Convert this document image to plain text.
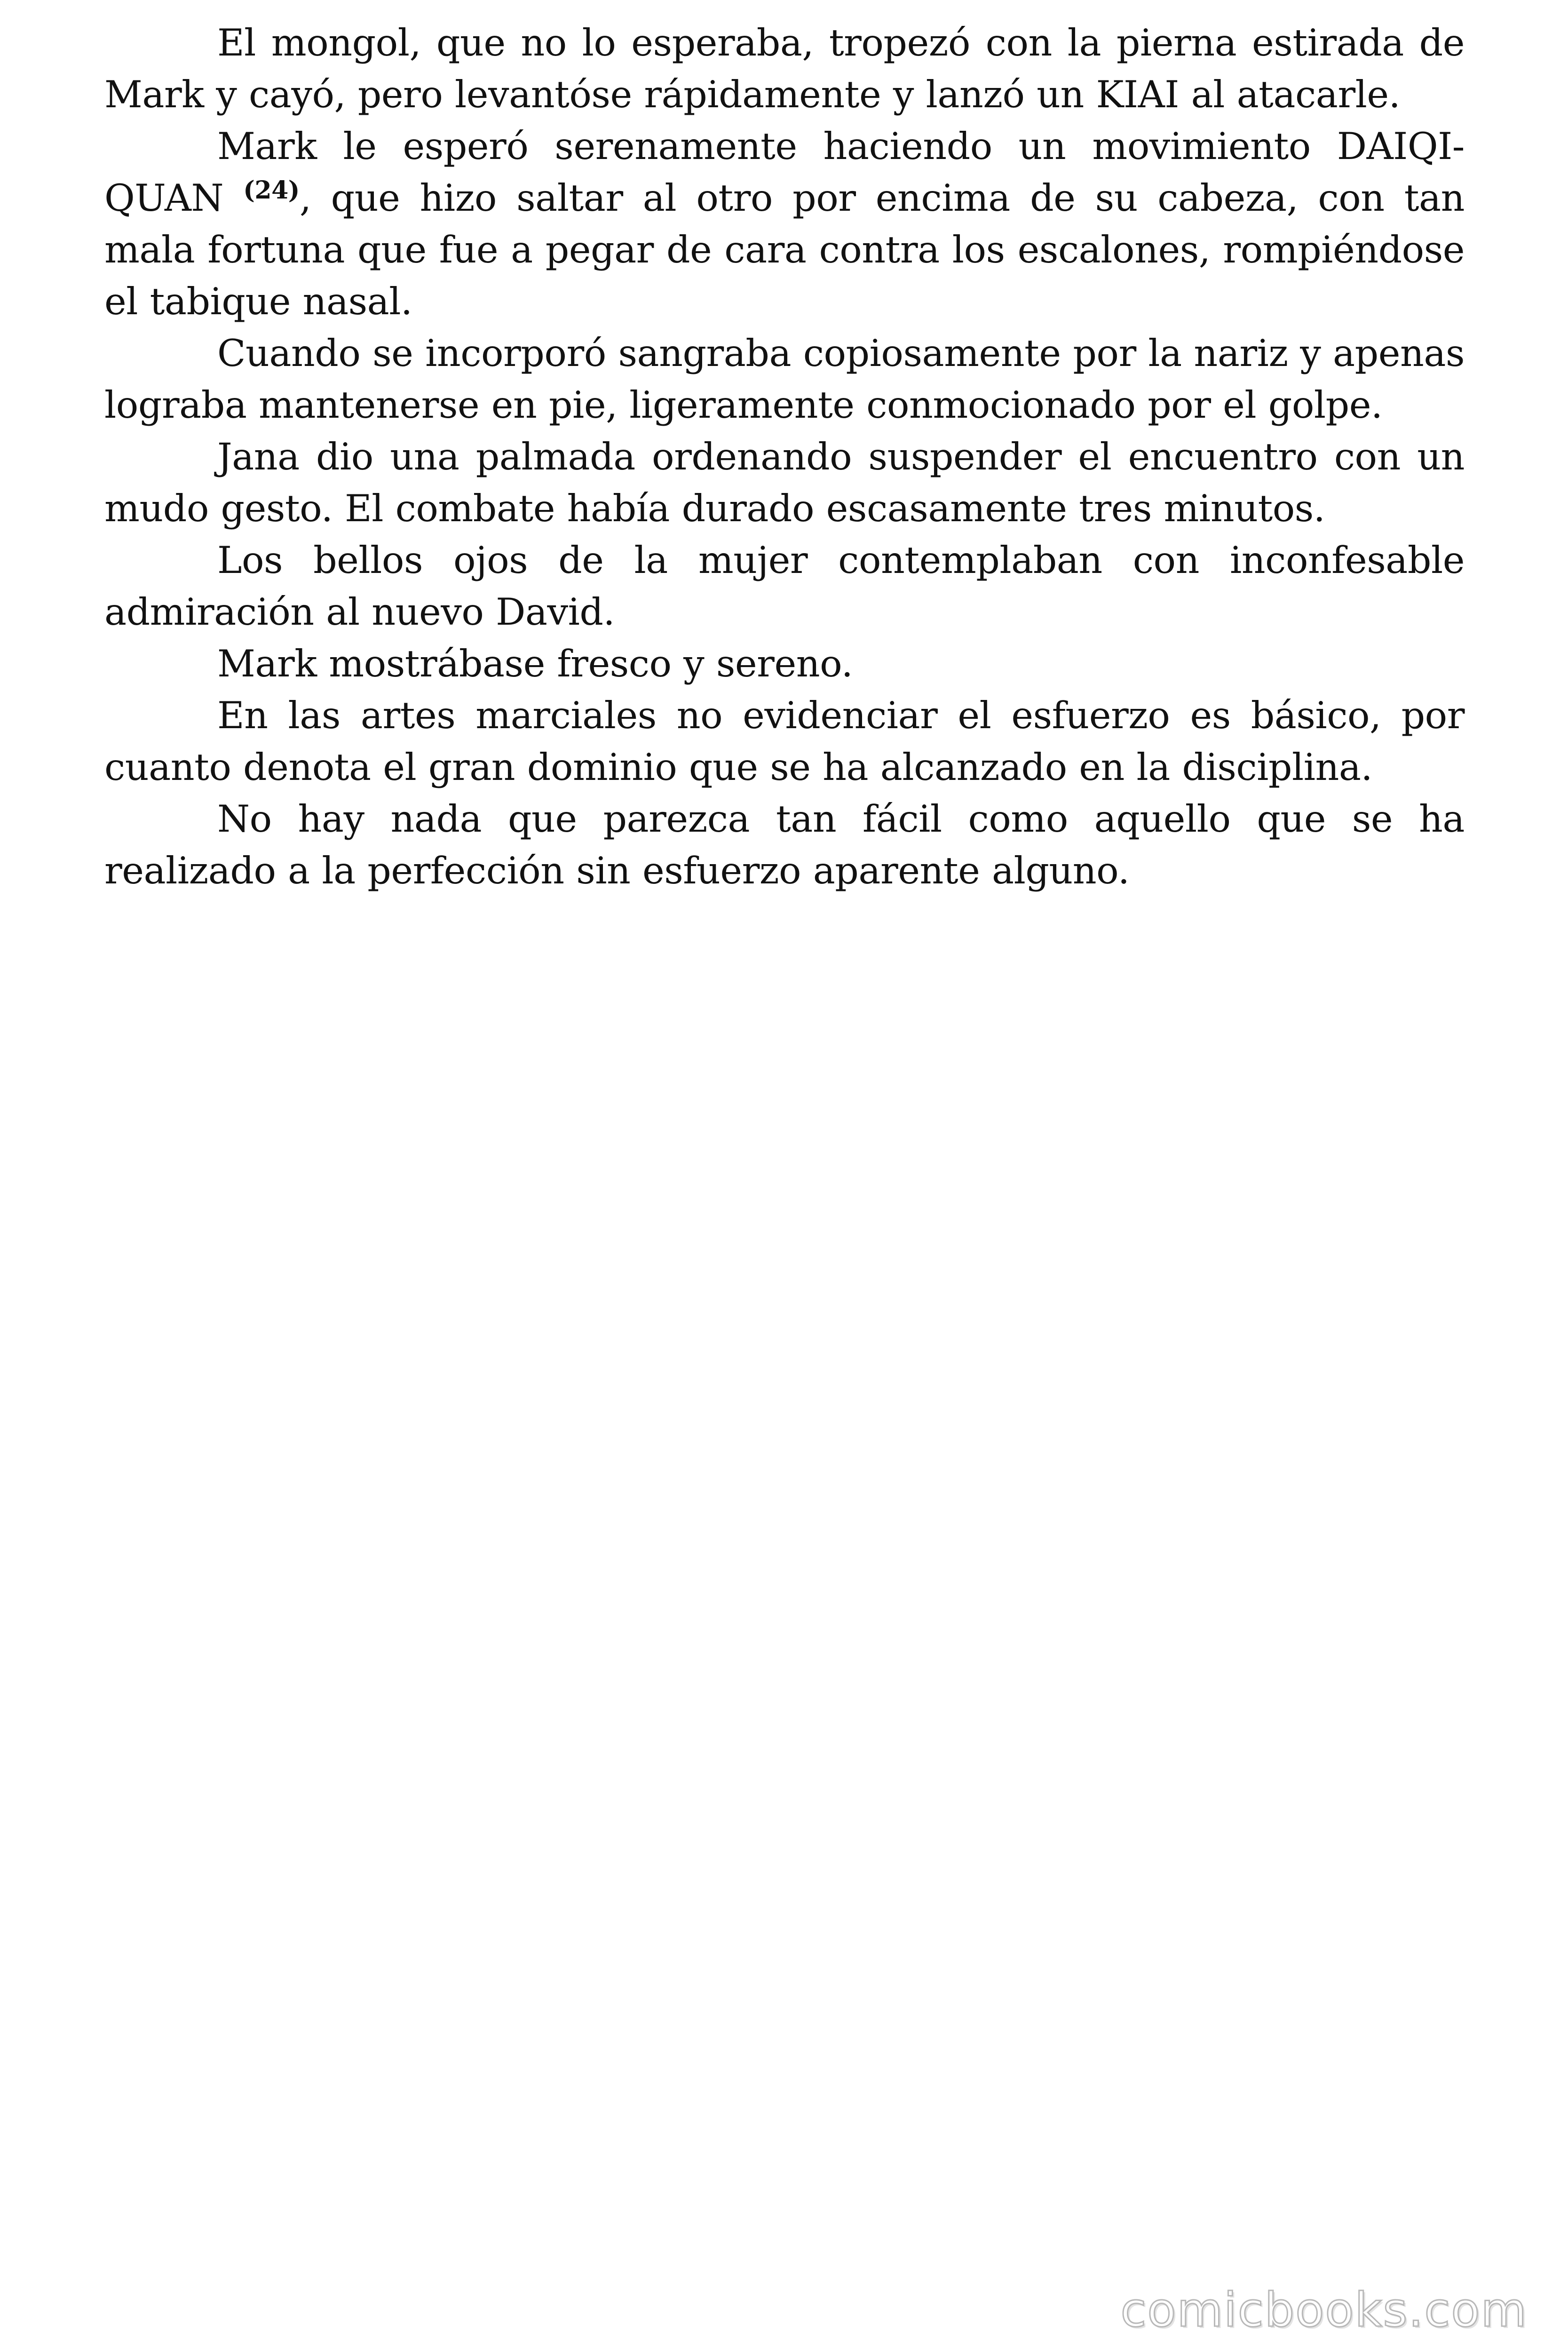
El mongol, que no lo esperaba, tropezó con la pierna estirada de Mark y cayó, pero levantóse rápidamente y lanzó un KIAI al atacarle.

Mark le esperó serenamente haciendo un movimiento DAIQI-QUAN $^{(24)}$, que hizo saltar al otro por encima de su cabeza, con tan mala fortuna que fue a pegar de cara contra los escalones, rompiéndose el tabique nasal.

Cuando se incorporó sangraba copiosamente por la nariz y apenas lograba mantenerse en pie, ligeramente conmocionado por el golpe.

Jana dio una palmada ordenando suspender el encuentro con un mudo gesto. El combate había durado escasamente tres minutos.

Los bellos ojos de la mujer contemplaban con inconfesable admiración al nuevo David.

Mark mostrábase fresco y sereno.

En las artes marciales no evidenciar el esfuerzo es básico, por cuanto denota el gran dominio que se ha alcanzado en la disciplina.

No hay nada que parezca tan fácil como aquello que se ha realizado a la perfección sin esfuerzo aparente alguno.

comicbooks.com
